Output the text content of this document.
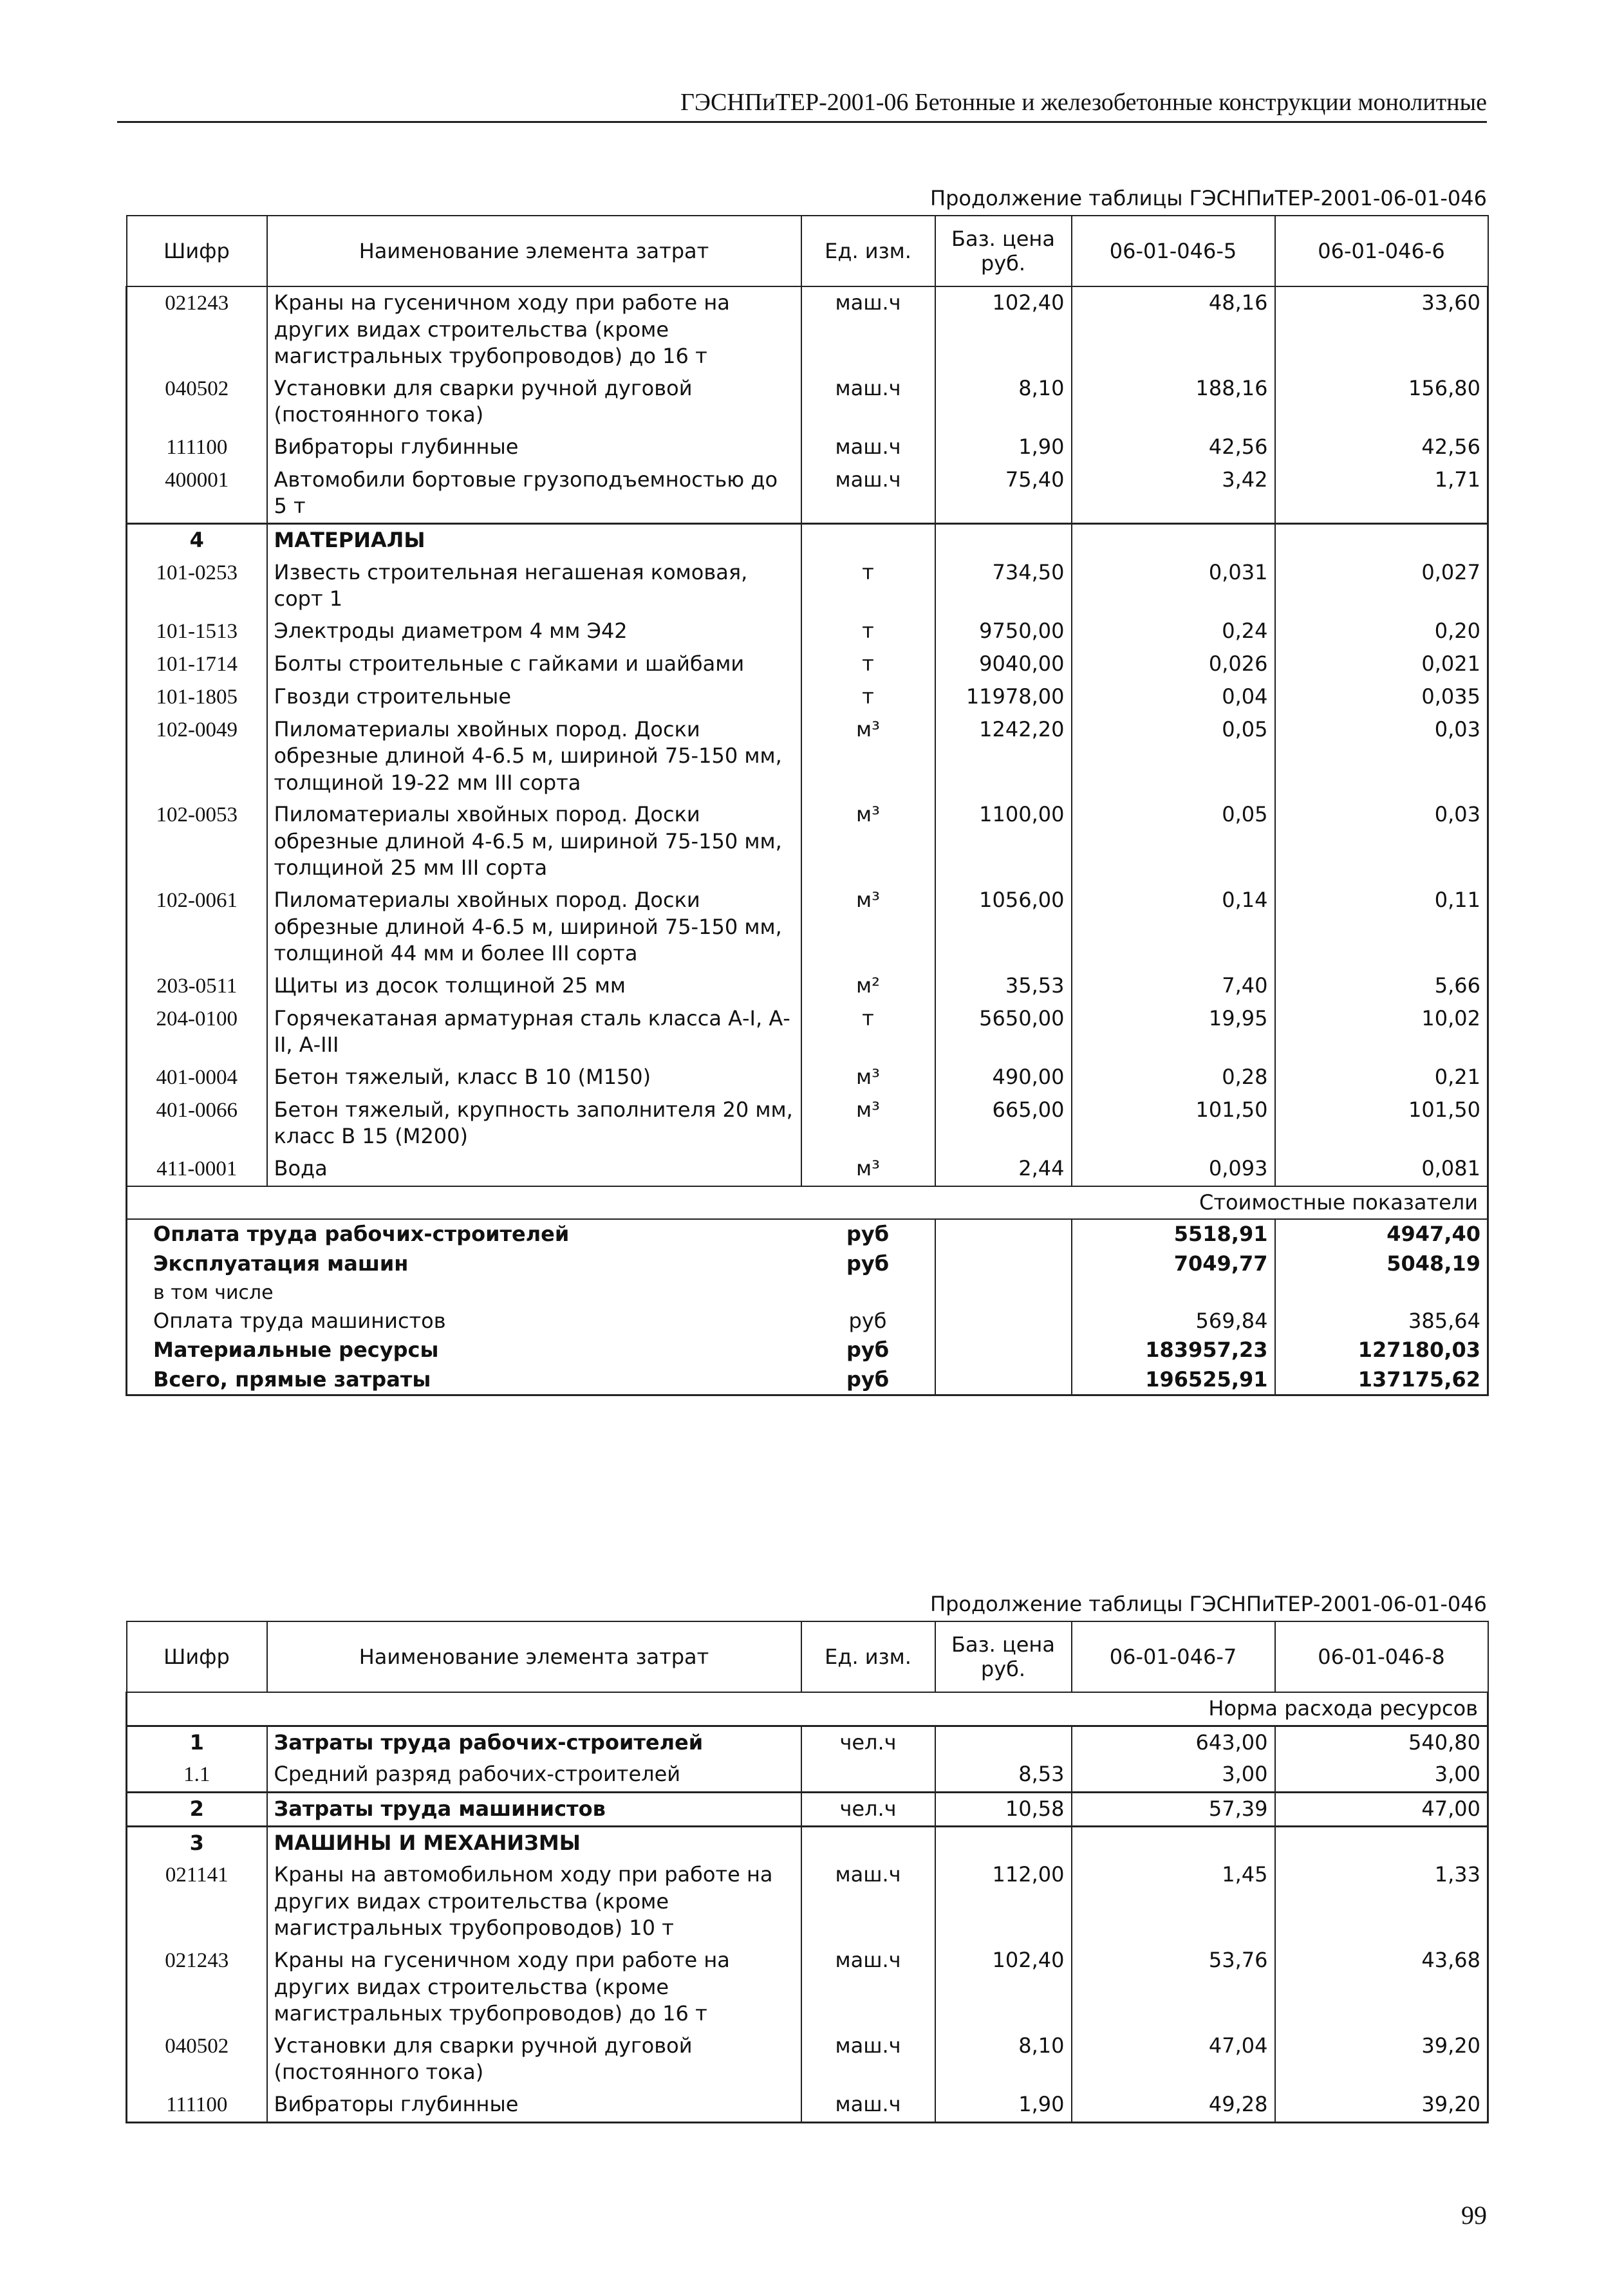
ГЭСНПиТЕР-2001-06 Бетонные и железобетонные конструкции монолитные
Продолжение таблицы ГЭСНПиТЕР-2001-06-01-046
Шифр	Наименование элемента затрат	Ед. изм.	Баз. цена руб.	06-01-046-5	06-01-046-6
021243	Краны на гусеничном ходу при работе на других видах строительства (кроме магистральных трубопроводов) до 16 т	маш.ч	102,40	48,16	33,60
040502	Установки для сварки ручной дуговой (постоянного тока)	маш.ч	8,10	188,16	156,80
111100	Вибраторы глубинные	маш.ч	1,90	42,56	42,56
400001	Автомобили бортовые грузоподъемностью до 5 т	маш.ч	75,40	3,42	1,71
4	МАТЕРИАЛЫ				
101-0253	Известь строительная негашеная комовая, сорт 1	т	734,50	0,031	0,027
101-1513	Электроды диаметром 4 мм Э42	т	9750,00	0,24	0,20
101-1714	Болты строительные с гайками и шайбами	т	9040,00	0,026	0,021
101-1805	Гвозди строительные	т	11978,00	0,04	0,035
102-0049	Пиломатериалы хвойных пород. Доски обрезные длиной 4-6.5 м, шириной 75-150 мм, толщиной 19-22 мм III сорта	м³	1242,20	0,05	0,03
102-0053	Пиломатериалы хвойных пород. Доски обрезные длиной 4-6.5 м, шириной 75-150 мм, толщиной 25 мм III сорта	м³	1100,00	0,05	0,03
102-0061	Пиломатериалы хвойных пород. Доски обрезные длиной 4-6.5 м, шириной 75-150 мм, толщиной 44 мм и более III сорта	м³	1056,00	0,14	0,11
203-0511	Щиты из досок толщиной 25 мм	м²	35,53	7,40	5,66
204-0100	Горячекатаная арматурная сталь класса А-I, А-II, А-III	т	5650,00	19,95	10,02
401-0004	Бетон тяжелый, класс В 10 (М150)	м³	490,00	0,28	0,21
401-0066	Бетон тяжелый, крупность заполнителя 20 мм, класс В 15 (М200)	м³	665,00	101,50	101,50
411-0001	Вода	м³	2,44	0,093	0,081
Стоимостные показатели					
Оплата труда рабочих-строителей		руб		5518,91	4947,40
Эксплуатация машин		руб		7049,77	5048,19
в том числе					
Оплата труда машинистов		руб		569,84	385,64
Материальные ресурсы		руб		183957,23	127180,03
Всего, прямые затраты		руб		196525,91	137175,62
Продолжение таблицы ГЭСНПиТЕР-2001-06-01-046
Шифр	Наименование элемента затрат	Ед. изм.	Баз. цена руб.	06-01-046-7	06-01-046-8
Норма расхода ресурсов					
1	Затраты труда рабочих-строителей	чел.ч		643,00	540,80
1.1	Средний разряд рабочих-строителей		8,53	3,00	3,00
2	Затраты труда машинистов	чел.ч	10,58	57,39	47,00
3	МАШИНЫ И МЕХАНИЗМЫ				
021141	Краны на автомобильном ходу при работе на других видах строительства (кроме магистральных трубопроводов) 10 т	маш.ч	112,00	1,45	1,33
021243	Краны на гусеничном ходу при работе на других видах строительства (кроме магистральных трубопроводов) до 16 т	маш.ч	102,40	53,76	43,68
040502	Установки для сварки ручной дуговой (постоянного тока)	маш.ч	8,10	47,04	39,20
111100	Вибраторы глубинные	маш.ч	1,90	49,28	39,20
99
